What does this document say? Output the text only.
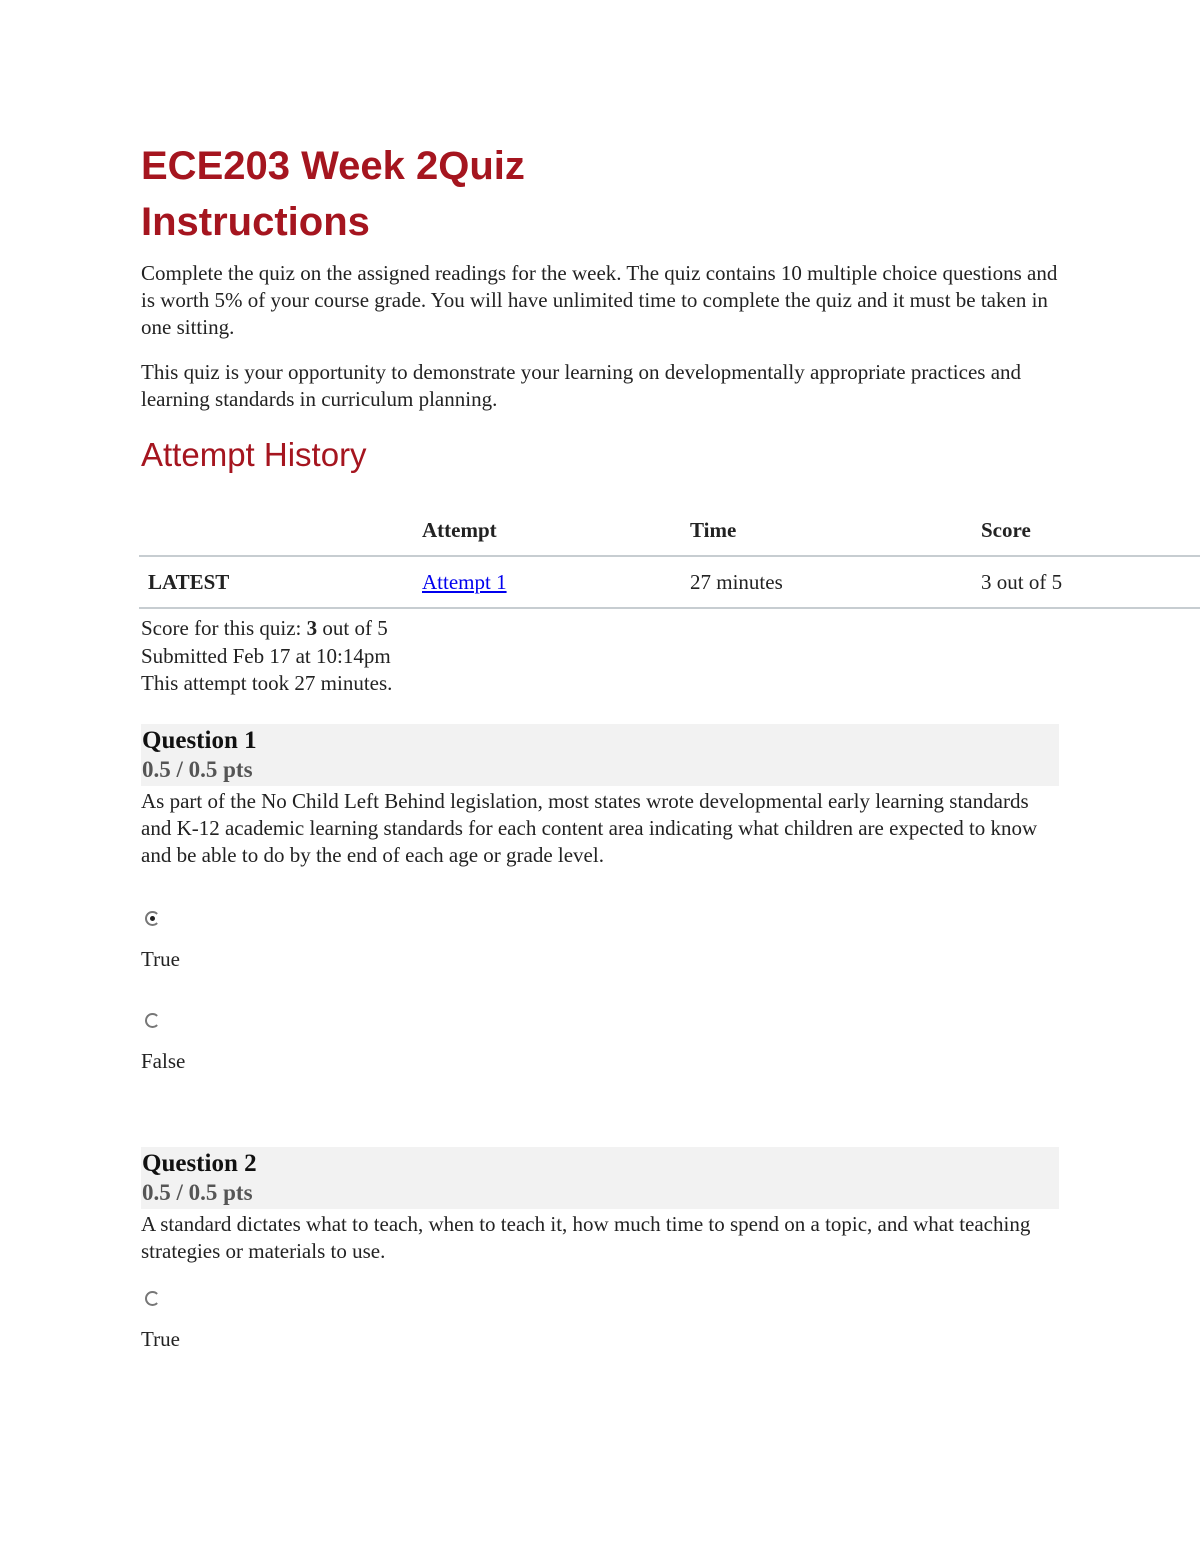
ECE203 Week 2Quiz
Instructions

Complete the quiz on the assigned readings for the week. The quiz contains 10 multiple choice questions and is worth 5% of your course grade. You will have unlimited time to complete the quiz and it must be taken in one sitting.

This quiz is your opportunity to demonstrate your learning on developmentally appropriate practices and learning standards in curriculum planning.

Attempt History
	Attempt	Time	Score
LATEST	Attempt 1	27 minutes	3 out of 5
Score for this quiz: 3 out of 5
Submitted Feb 17 at 10:14pm
This attempt took 27 minutes.
Question 1
0.5 / 0.5 pts

As part of the No Child Left Behind legislation, most states wrote developmental early learning standards and K-12 academic learning standards for each content area indicating what children are expected to know and be able to do by the end of each age or grade level.

True
False
Question 2
0.5 / 0.5 pts

A standard dictates what to teach, when to teach it, how much time to spend on a topic, and what teaching strategies or materials to use.

True
